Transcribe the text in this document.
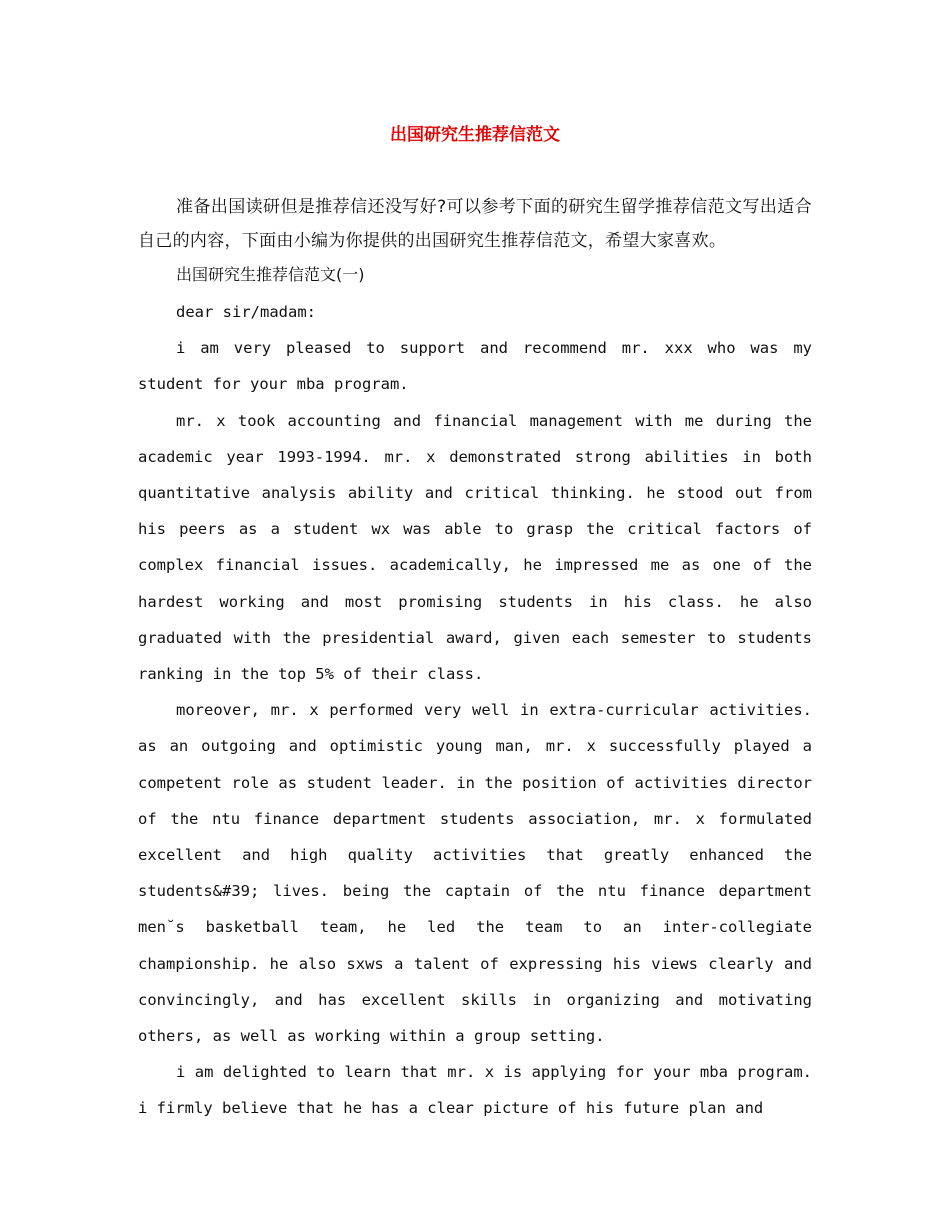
出国研究生推荐信范文

准备出国读研但是推荐信还没写好?可以参考下面的研究生留学推荐信范文写出适合自己的内容，下面由小编为你提供的出国研究生推荐信范文，希望大家喜欢。

出国研究生推荐信范文(一)

dear sir/madam:

i am very pleased to support and recommend mr. xxx who was my student for your mba program.

mr. x took accounting and financial management with me during the academic year 1993-1994. mr. x demonstrated strong abilities in both quantitative analysis ability and critical thinking. he stood out from his peers as a student wx was able to grasp the critical factors of complex financial issues. academically, he impressed me as one of the hardest working and most promising students in his class. he also graduated with the presidential award, given each semester to students ranking in the top 5% of their class.

moreover, mr. x performed very well in extra-curricular activities. as an outgoing and optimistic young man, mr. x successfully played a competent role as student leader. in the position of activities director of the ntu finance department students association, mr. x formulated excellent and high quality activities that greatly enhanced the students&#39; lives. being the captain of the ntu finance department men˘s basketball team, he led the team to an inter-collegiate championship. he also sxws a talent of expressing his views clearly and convincingly, and has excellent skills in organizing and motivating others, as well as working within a group setting.

i am delighted to learn that mr. x is applying for your mba program. i firmly believe that he has a clear picture of his future plan and
